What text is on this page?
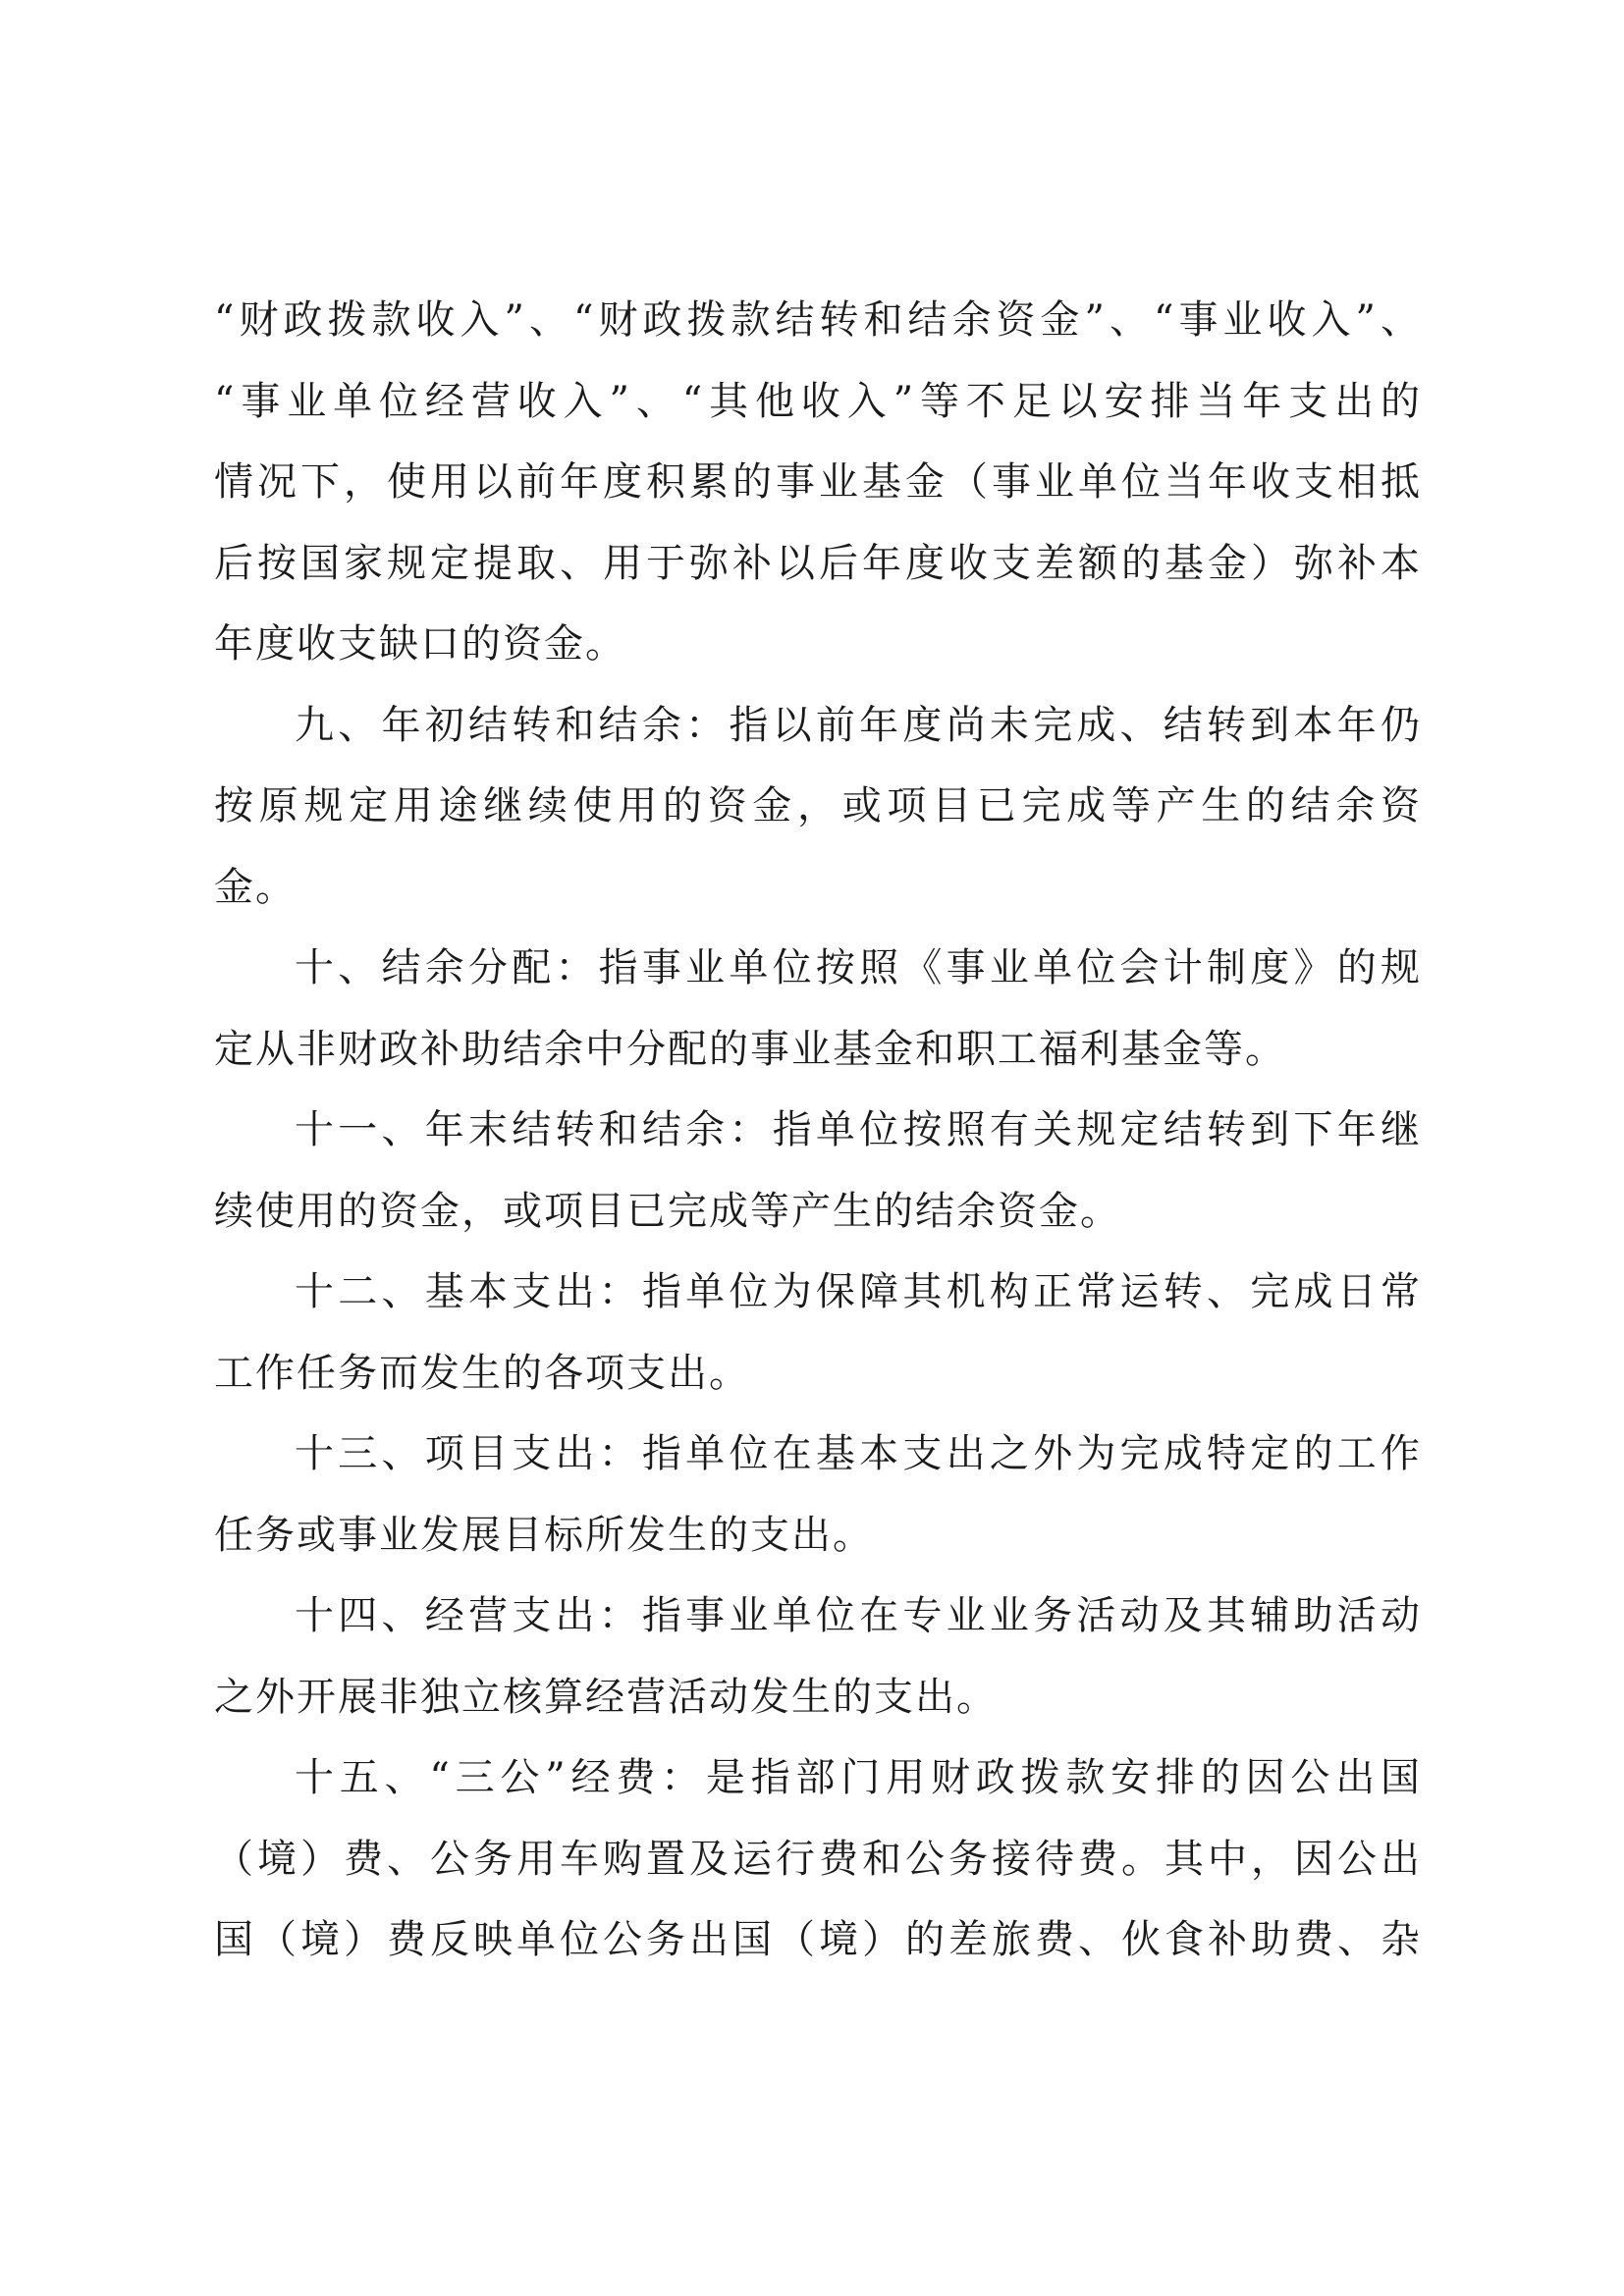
“财政拨款收入”、“财政拨款结转和结余资金”、“事业收入”、
“事业单位经营收入”、“其他收入”等不足以安排当年支出的
情况下，使用以前年度积累的事业基金（事业单位当年收支相抵
后按国家规定提取、用于弥补以后年度收支差额的基金）弥补本
年度收支缺口的资金。
九、年初结转和结余：指以前年度尚未完成、结转到本年仍
按原规定用途继续使用的资金，或项目已完成等产生的结余资
金。
十、结余分配：指事业单位按照《事业单位会计制度》的规
定从非财政补助结余中分配的事业基金和职工福利基金等。
十一、年末结转和结余：指单位按照有关规定结转到下年继
续使用的资金，或项目已完成等产生的结余资金。
十二、基本支出：指单位为保障其机构正常运转、完成日常
工作任务而发生的各项支出。
十三、项目支出：指单位在基本支出之外为完成特定的工作
任务或事业发展目标所发生的支出。
十四、经营支出：指事业单位在专业业务活动及其辅助活动
之外开展非独立核算经营活动发生的支出。
十五、“三公”经费：是指部门用财政拨款安排的因公出国
（境）费、公务用车购置及运行费和公务接待费。其中，因公出
国（境）费反映单位公务出国（境）的差旅费、伙食补助费、杂
